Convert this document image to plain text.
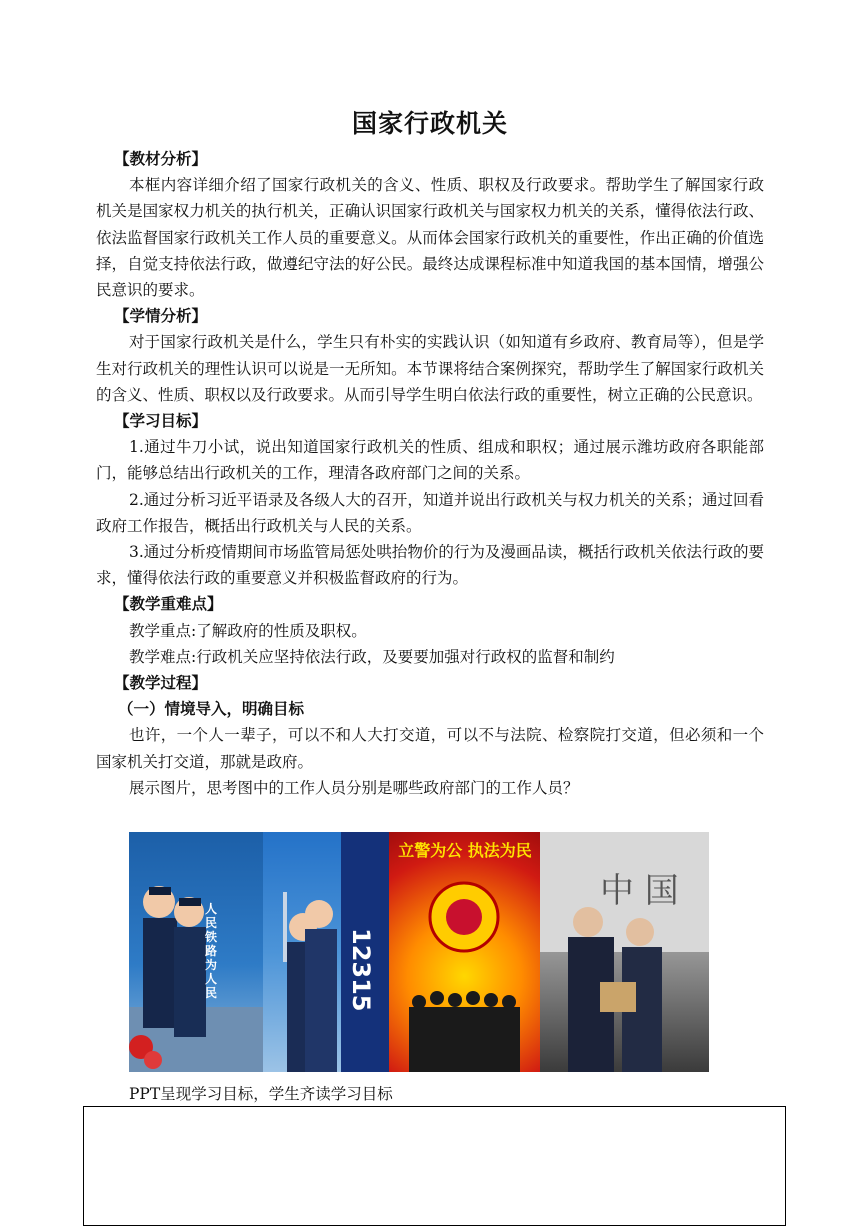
国家行政机关

【教材分析】

本框内容详细介绍了国家行政机关的含义、性质、职权及行政要求。帮助学生了解国家行政机关是国家权力机关的执行机关，正确认识国家行政机关与国家权力机关的关系，懂得依法行政、依法监督国家行政机关工作人员的重要意义。从而体会国家行政机关的重要性，作出正确的价值选择，自觉支持依法行政，做遵纪守法的好公民。最终达成课程标准中知道我国的基本国情，增强公民意识的要求。

【学情分析】

对于国家行政机关是什么，学生只有朴实的实践认识（如知道有乡政府、教育局等），但是学生对行政机关的理性认识可以说是一无所知。本节课将结合案例探究，帮助学生了解国家行政机关的含义、性质、职权以及行政要求。从而引导学生明白依法行政的重要性，树立正确的公民意识。

【学习目标】

1.通过牛刀小试，说出知道国家行政机关的性质、组成和职权；通过展示潍坊政府各职能部门，能够总结出行政机关的工作，理清各政府部门之间的关系。

2.通过分析习近平语录及各级人大的召开，知道并说出行政机关与权力机关的关系；通过回看政府工作报告，概括出行政机关与人民的关系。

3.通过分析疫情期间市场监管局惩处哄抬物价的行为及漫画品读，概括行政机关依法行政的要求，懂得依法行政的重要意义并积极监督政府的行为。

【教学重难点】

教学重点:了解政府的性质及职权。

教学难点:行政机关应坚持依法行政，及要要加强对行政权的监督和制约

【教学过程】

（一）情境导入，明确目标

也许，一个人一辈子，可以不和人大打交道，可以不与法院、检察院打交道，但必须和一个国家机关打交道，那就是政府。

展示图片，思考图中的工作人员分别是哪些政府部门的工作人员？

人民铁路为人民	12315
立警为公 执法为民
中 国
PPT呈现学习目标，学生齐读学习目标
